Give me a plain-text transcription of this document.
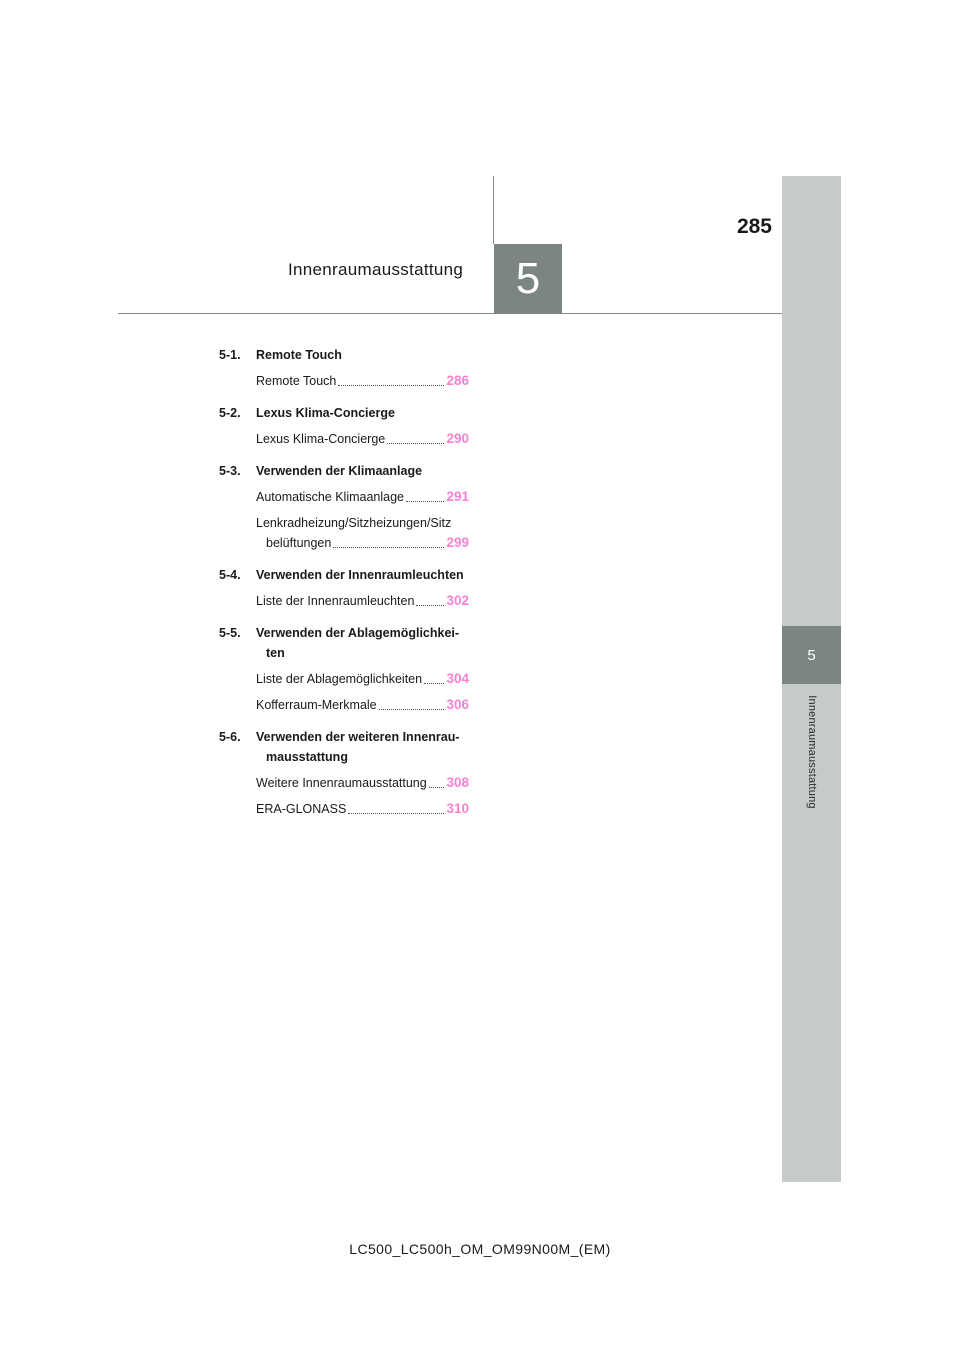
5
Innenraumausstattung
5
285
Innenraumausstattung
5-1.	Remote Touch
Remote Touch	286
5-2.	Lexus Klima-Concierge
Lexus Klima-Concierge	290
5-3.	Verwenden der Klimaanlage
Automatische Klimaanlage	291
Lenkradheizung/Sitzheizungen/Sitz
belüftungen	299
5-4.	Verwenden der Innenraumleuchten
Liste der Innenraumleuchten 302
5-5.	Verwenden der Ablagemöglichkei-
ten
Liste der Ablagemöglichkeiten 304
Kofferraum-Merkmale	306
5-6.	Verwenden der weiteren Innenrau-
mausstattung
Weitere Innenraumausstattung 308
ERA-GLONASS	310
LC500_LC500h_OM_OM99N00M_(EM)
